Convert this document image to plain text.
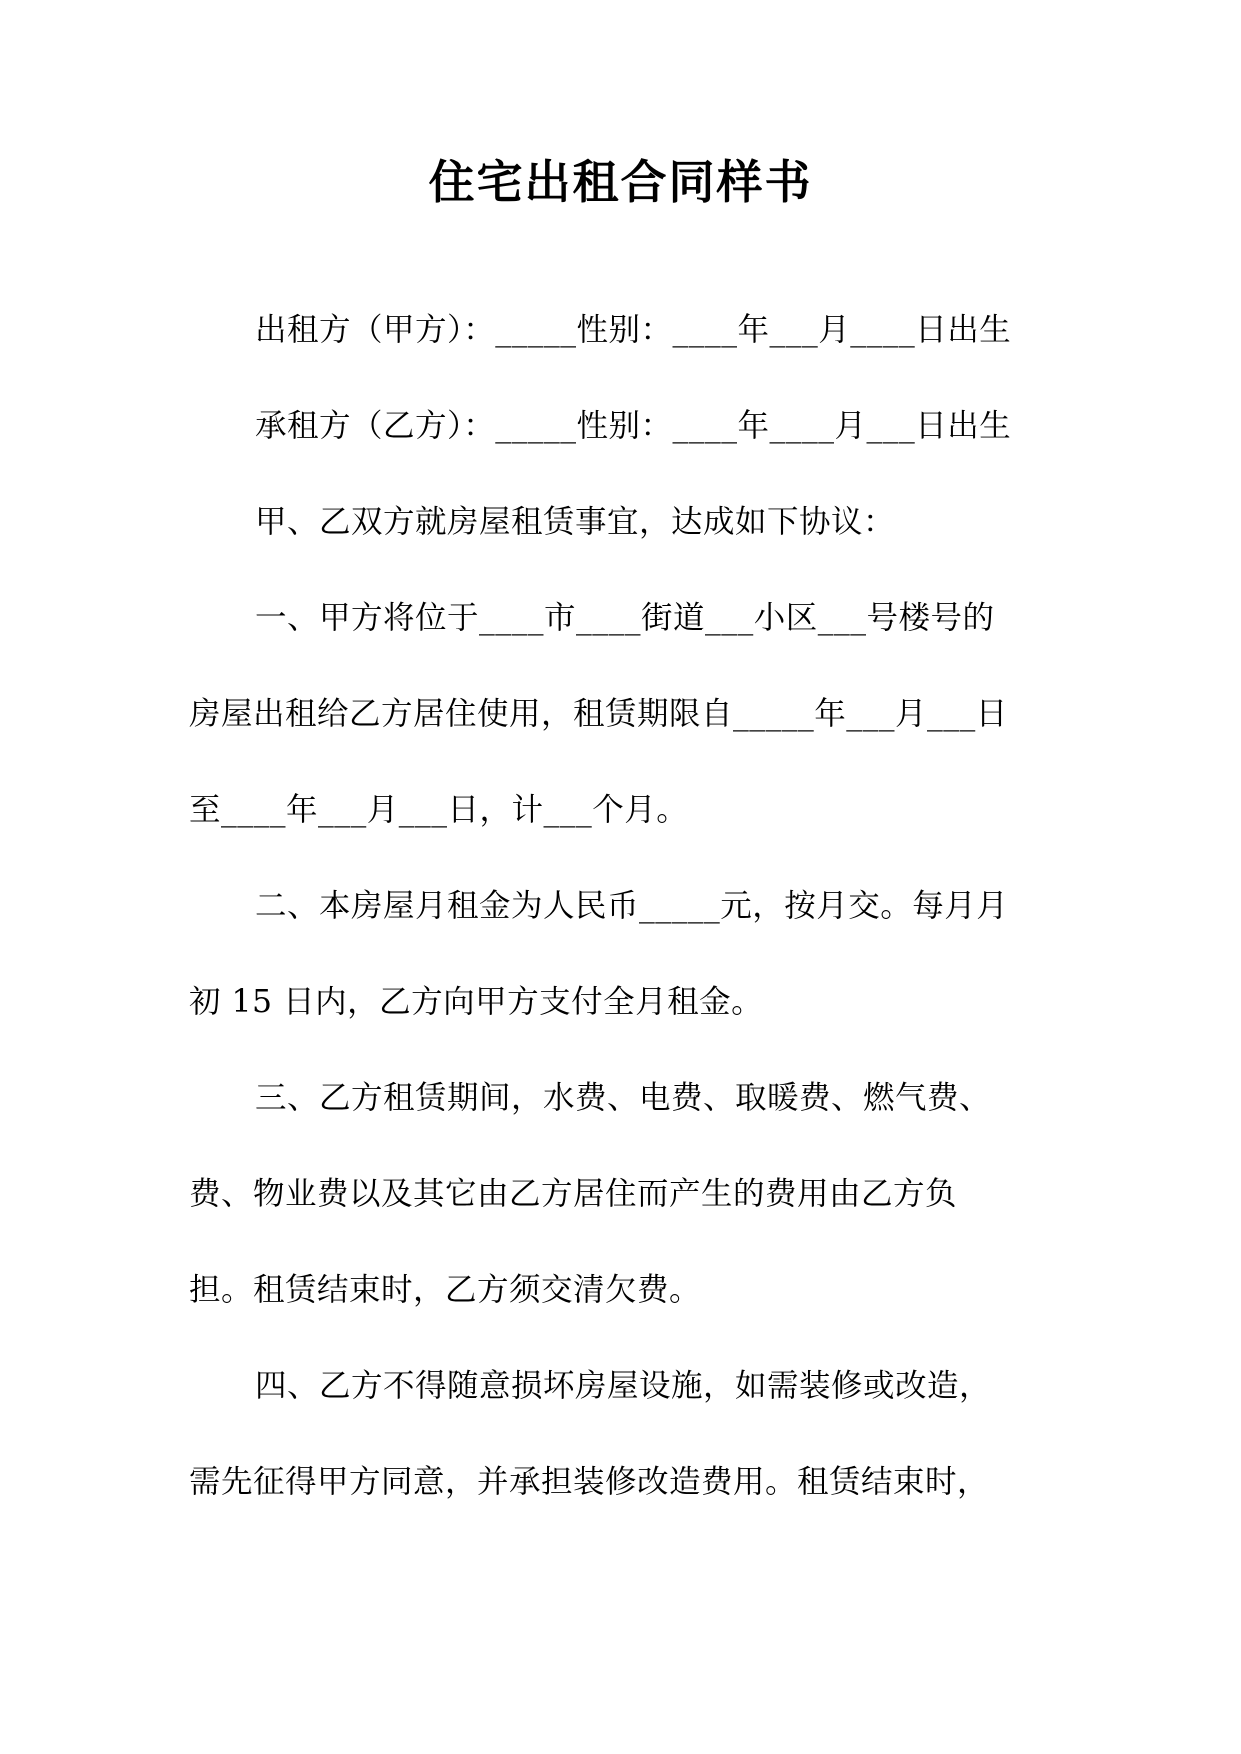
住宅出租合同样书
出租方（甲方）：_____性别：____年___月____日出生
承租方（乙方）：_____性别：____年____月___日出生
甲、乙双方就房屋租赁事宜，达成如下协议：
一、甲方将位于____市____街道___小区___号楼号的
房屋出租给乙方居住使用，租赁期限自_____年___月___日
至____年___月___日，计___个月。
二、本房屋月租金为人民币_____元，按月交。每月月
初 15 日内，乙方向甲方支付全月租金。
三、乙方租赁期间，水费、电费、取暖费、燃气费、
费、物业费以及其它由乙方居住而产生的费用由乙方负
担。租赁结束时，乙方须交清欠费。
四、乙方不得随意损坏房屋设施，如需装修或改造，
需先征得甲方同意，并承担装修改造费用。租赁结束时，
